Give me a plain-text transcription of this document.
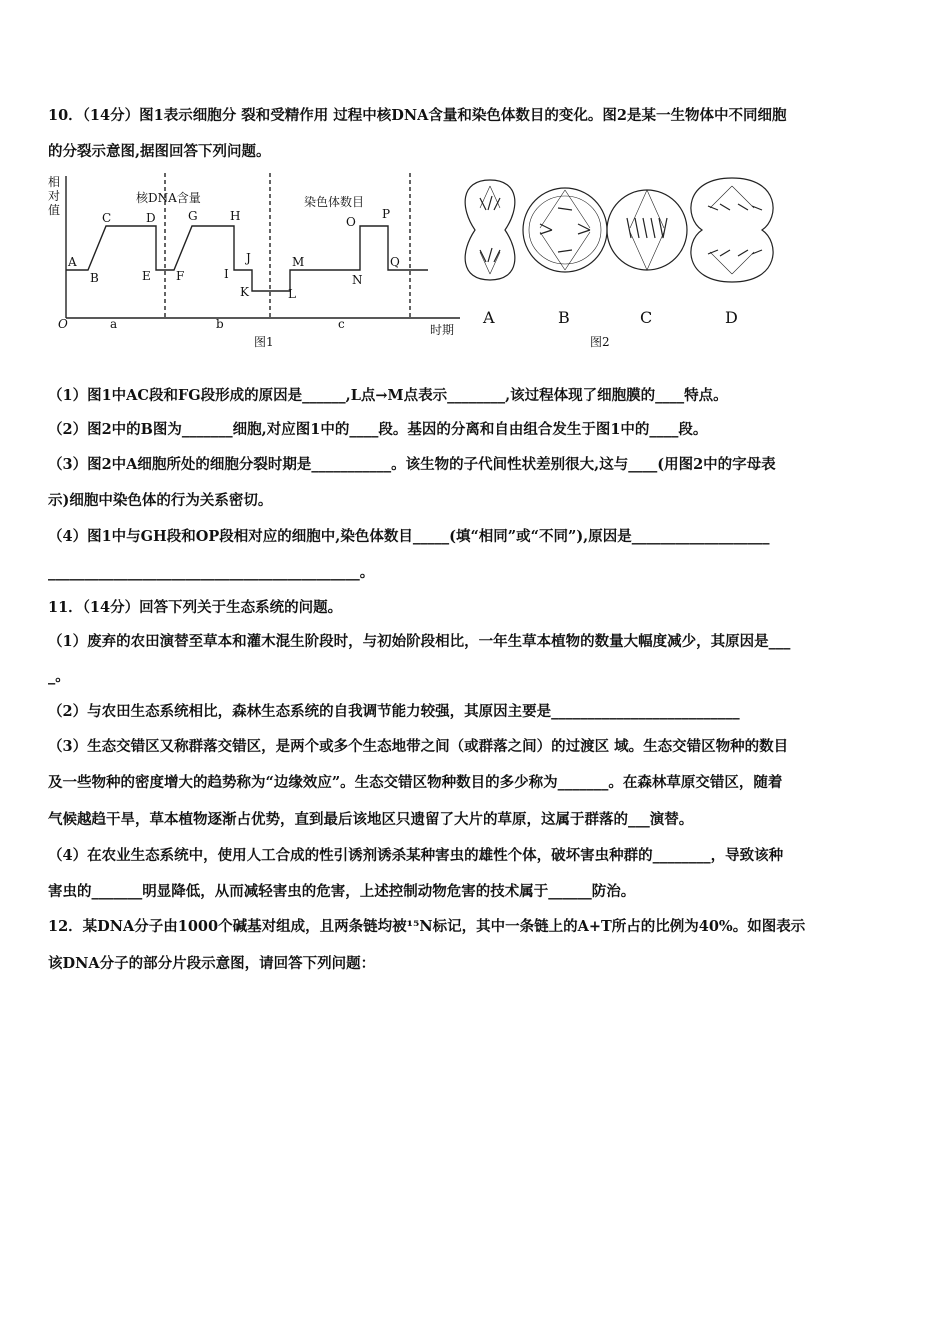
10．（14分）图1表示细胞分 裂和受精作用 过程中核DNA含量和染色体数目的变化。图2是某一生物体中不同细胞
的分裂示意图,据图回答下列问题。
相
对
值
核DNA含量	染色体数目
A
B
C	D
E F
G	H
I
J
K	L
M
N
O
P
Q
O	a	b	c	时期
图1
A	B	C	D
图2
（1）图1中AC段和FG段形成的原因是______,L点→M点表示________,该过程体现了细胞膜的____特点。
（2）图2中的B图为_______细胞,对应图1中的____段。基因的分离和自由组合发生于图1中的____段。
（3）图2中A细胞所处的细胞分裂时期是___________。该生物的子代间性状差别很大,这与____(用图2中的字母表
示)细胞中染色体的行为关系密切。
（4）图1中与GH段和OP段相对应的细胞中,染色体数目_____(填“相同”或“不同”),原因是___________________
___________________________________________。
11．（14分）回答下列关于生态系统的问题。
（1）废弃的农田演替至草本和灌木混生阶段时，与初始阶段相比，一年生草本植物的数量大幅度减少，其原因是___
_。
（2）与农田生态系统相比，森林生态系统的自我调节能力较强，其原因主要是__________________________
（3）生态交错区又称群落交错区，是两个或多个生态地带之间（或群落之间）的过渡区 域。生态交错区物种的数目
及一些物种的密度增大的趋势称为“边缘效应”。生态交错区物种数目的多少称为_______。在森林草原交错区，随着
气候越趋干旱，草本植物逐渐占优势，直到最后该地区只遗留了大片的草原，这属于群落的___演替。
（4）在农业生态系统中，使用人工合成的性引诱剂诱杀某种害虫的雄性个体，破坏害虫种群的________，导致该种
害虫的_______明显降低，从而减轻害虫的危害，上述控制动物危害的技术属于______防治。
12．某DNA分子由1000个碱基对组成，且两条链均被¹⁵N标记，其中一条链上的A+T所占的比例为40%。如图表示
该DNA分子的部分片段示意图，请回答下列问题：
